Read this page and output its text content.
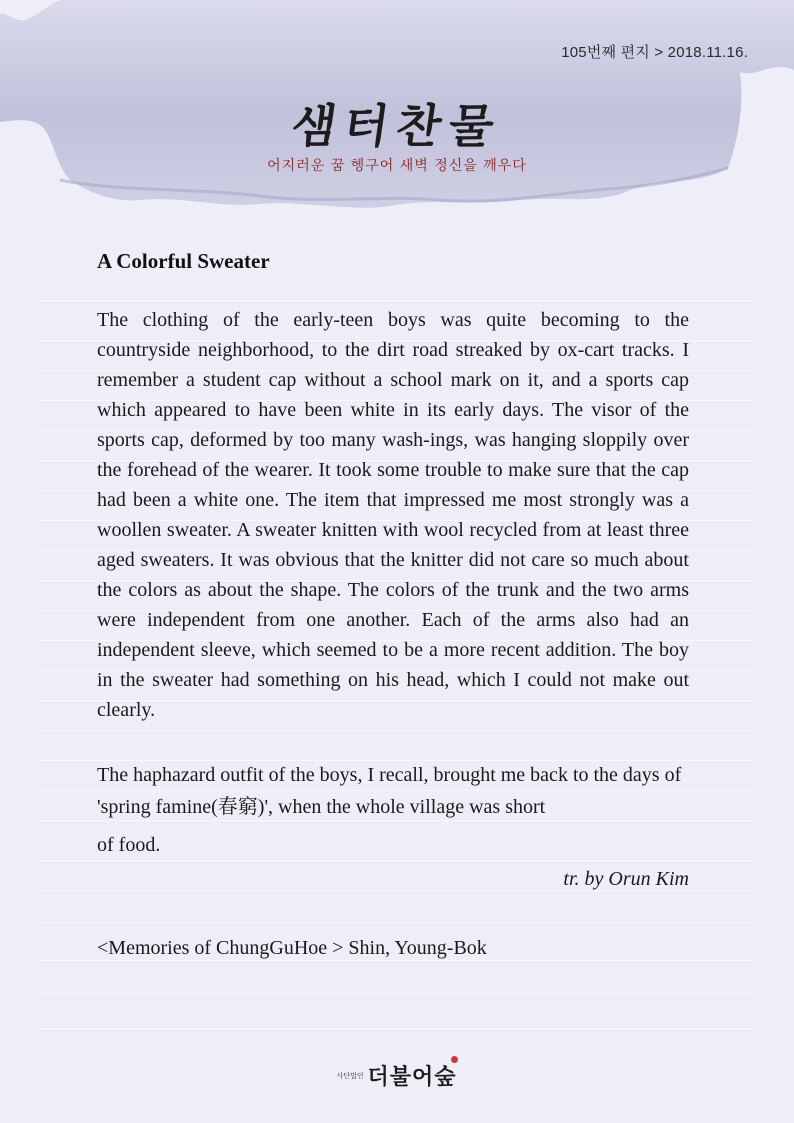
105번째 편지 > 2018.11.16.
샘터찬물
어지러운 꿈 헹구어 새벽 정신을 깨우다
A Colorful Sweater
The clothing of the early-teen boys was quite becoming to the countryside neighborhood, to the dirt road streaked by ox-cart tracks. I remember a student cap without a school mark on it, and a sports cap which appeared to have been white in its early days. The visor of the sports cap, deformed by too many wash-ings, was hanging sloppily over the forehead of the wearer. It took some trouble to make sure that the cap had been a white one. The item that impressed me most strongly was a woollen sweater. A sweater knitten with wool recycled from at least three aged sweaters. It was obvious that the knitter did not care so much about the colors as about the shape. The colors of the trunk and the two arms were independent from one another. Each of the arms also had an independent sleeve, which seemed to be a more recent addition. The boy in the sweater had something on his head, which I could not make out clearly.
The haphazard outfit of the boys, I recall, brought me back to the days of 'spring famine(春窮)', when the whole village was short
of food.
tr. by Orun Kim
<Memories of ChungGuHoe > Shin, Young-Bok
사단법인 더불어숲
